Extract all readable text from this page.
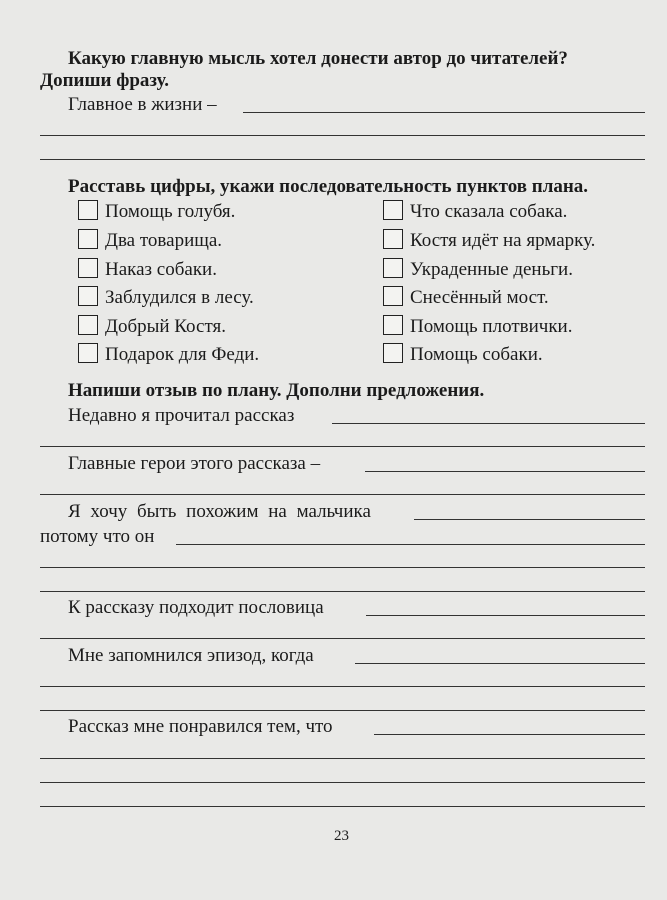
Какую главную мысль хотел донести автор до читателей?
Допиши фразу.
Главное в жизни –
Расставь цифры, укажи последовательность пунктов плана.
Помощь голубя.
Два товарища.
Наказ собаки.
Заблудился в лесу.
Добрый Костя.
Подарок для Феди.
Что сказала собака.
Костя идёт на ярмарку.
Украденные деньги.
Снесённый мост.
Помощь плотвички.
Помощь собаки.
Напиши отзыв по плану. Дополни предложения.
Недавно я прочитал рассказ
Главные герои этого рассказа –
Я хочу быть похожим на мальчика
потому что он
К рассказу подходит пословица
Мне запомнился эпизод, когда
Рассказ мне понравился тем, что
23
